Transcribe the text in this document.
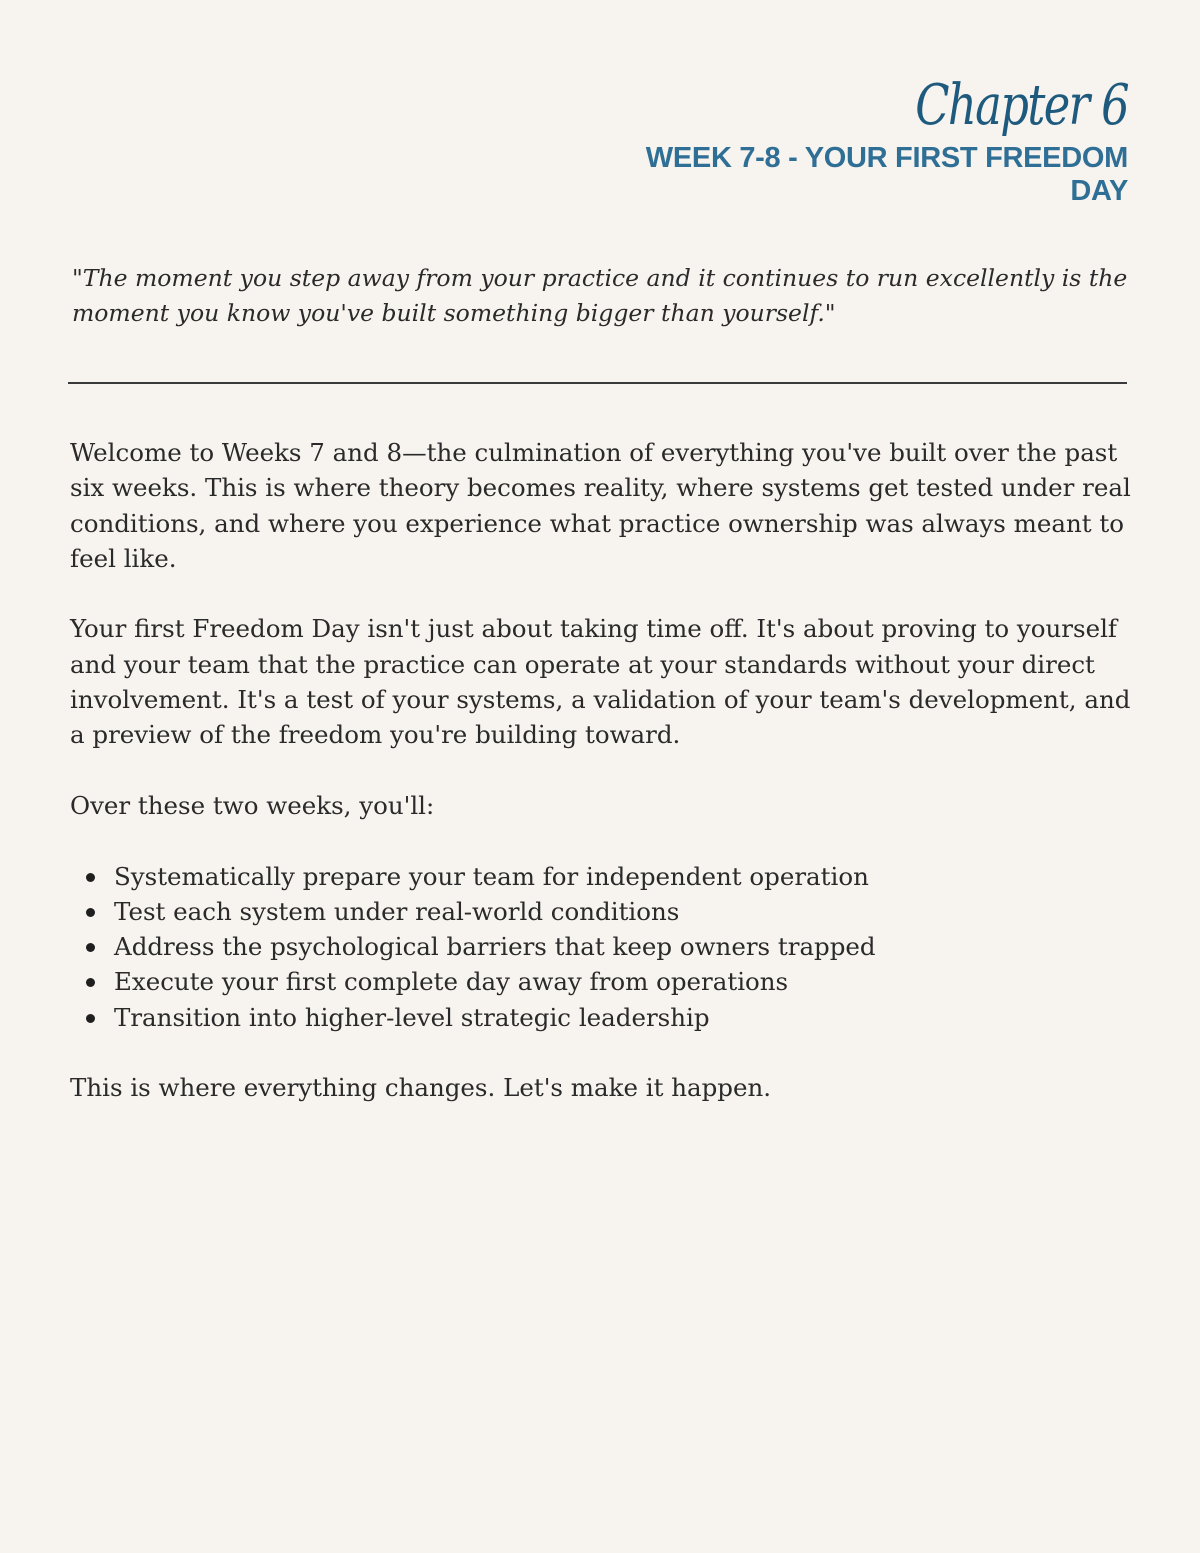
Chapter 6
WEEK 7-8 - YOUR FIRST FREEDOM
DAY

"The moment you step away from your practice and it continues to run excellently is the moment you know you've built something bigger than yourself."

Welcome to Weeks 7 and 8—the culmination of everything you've built over the past six weeks. This is where theory becomes reality, where systems get tested under real conditions, and where you experience what practice ownership was always meant to feel like.

Your first Freedom Day isn't just about taking time off. It's about proving to yourself and your team that the practice can operate at your standards without your direct involvement. It's a test of your systems, a validation of your team's development, and a preview of the freedom you're building toward.

Over these two weeks, you'll:

Systematically prepare your team for independent operation
Test each system under real-world conditions
Address the psychological barriers that keep owners trapped
Execute your first complete day away from operations
Transition into higher-level strategic leadership

This is where everything changes. Let's make it happen.
